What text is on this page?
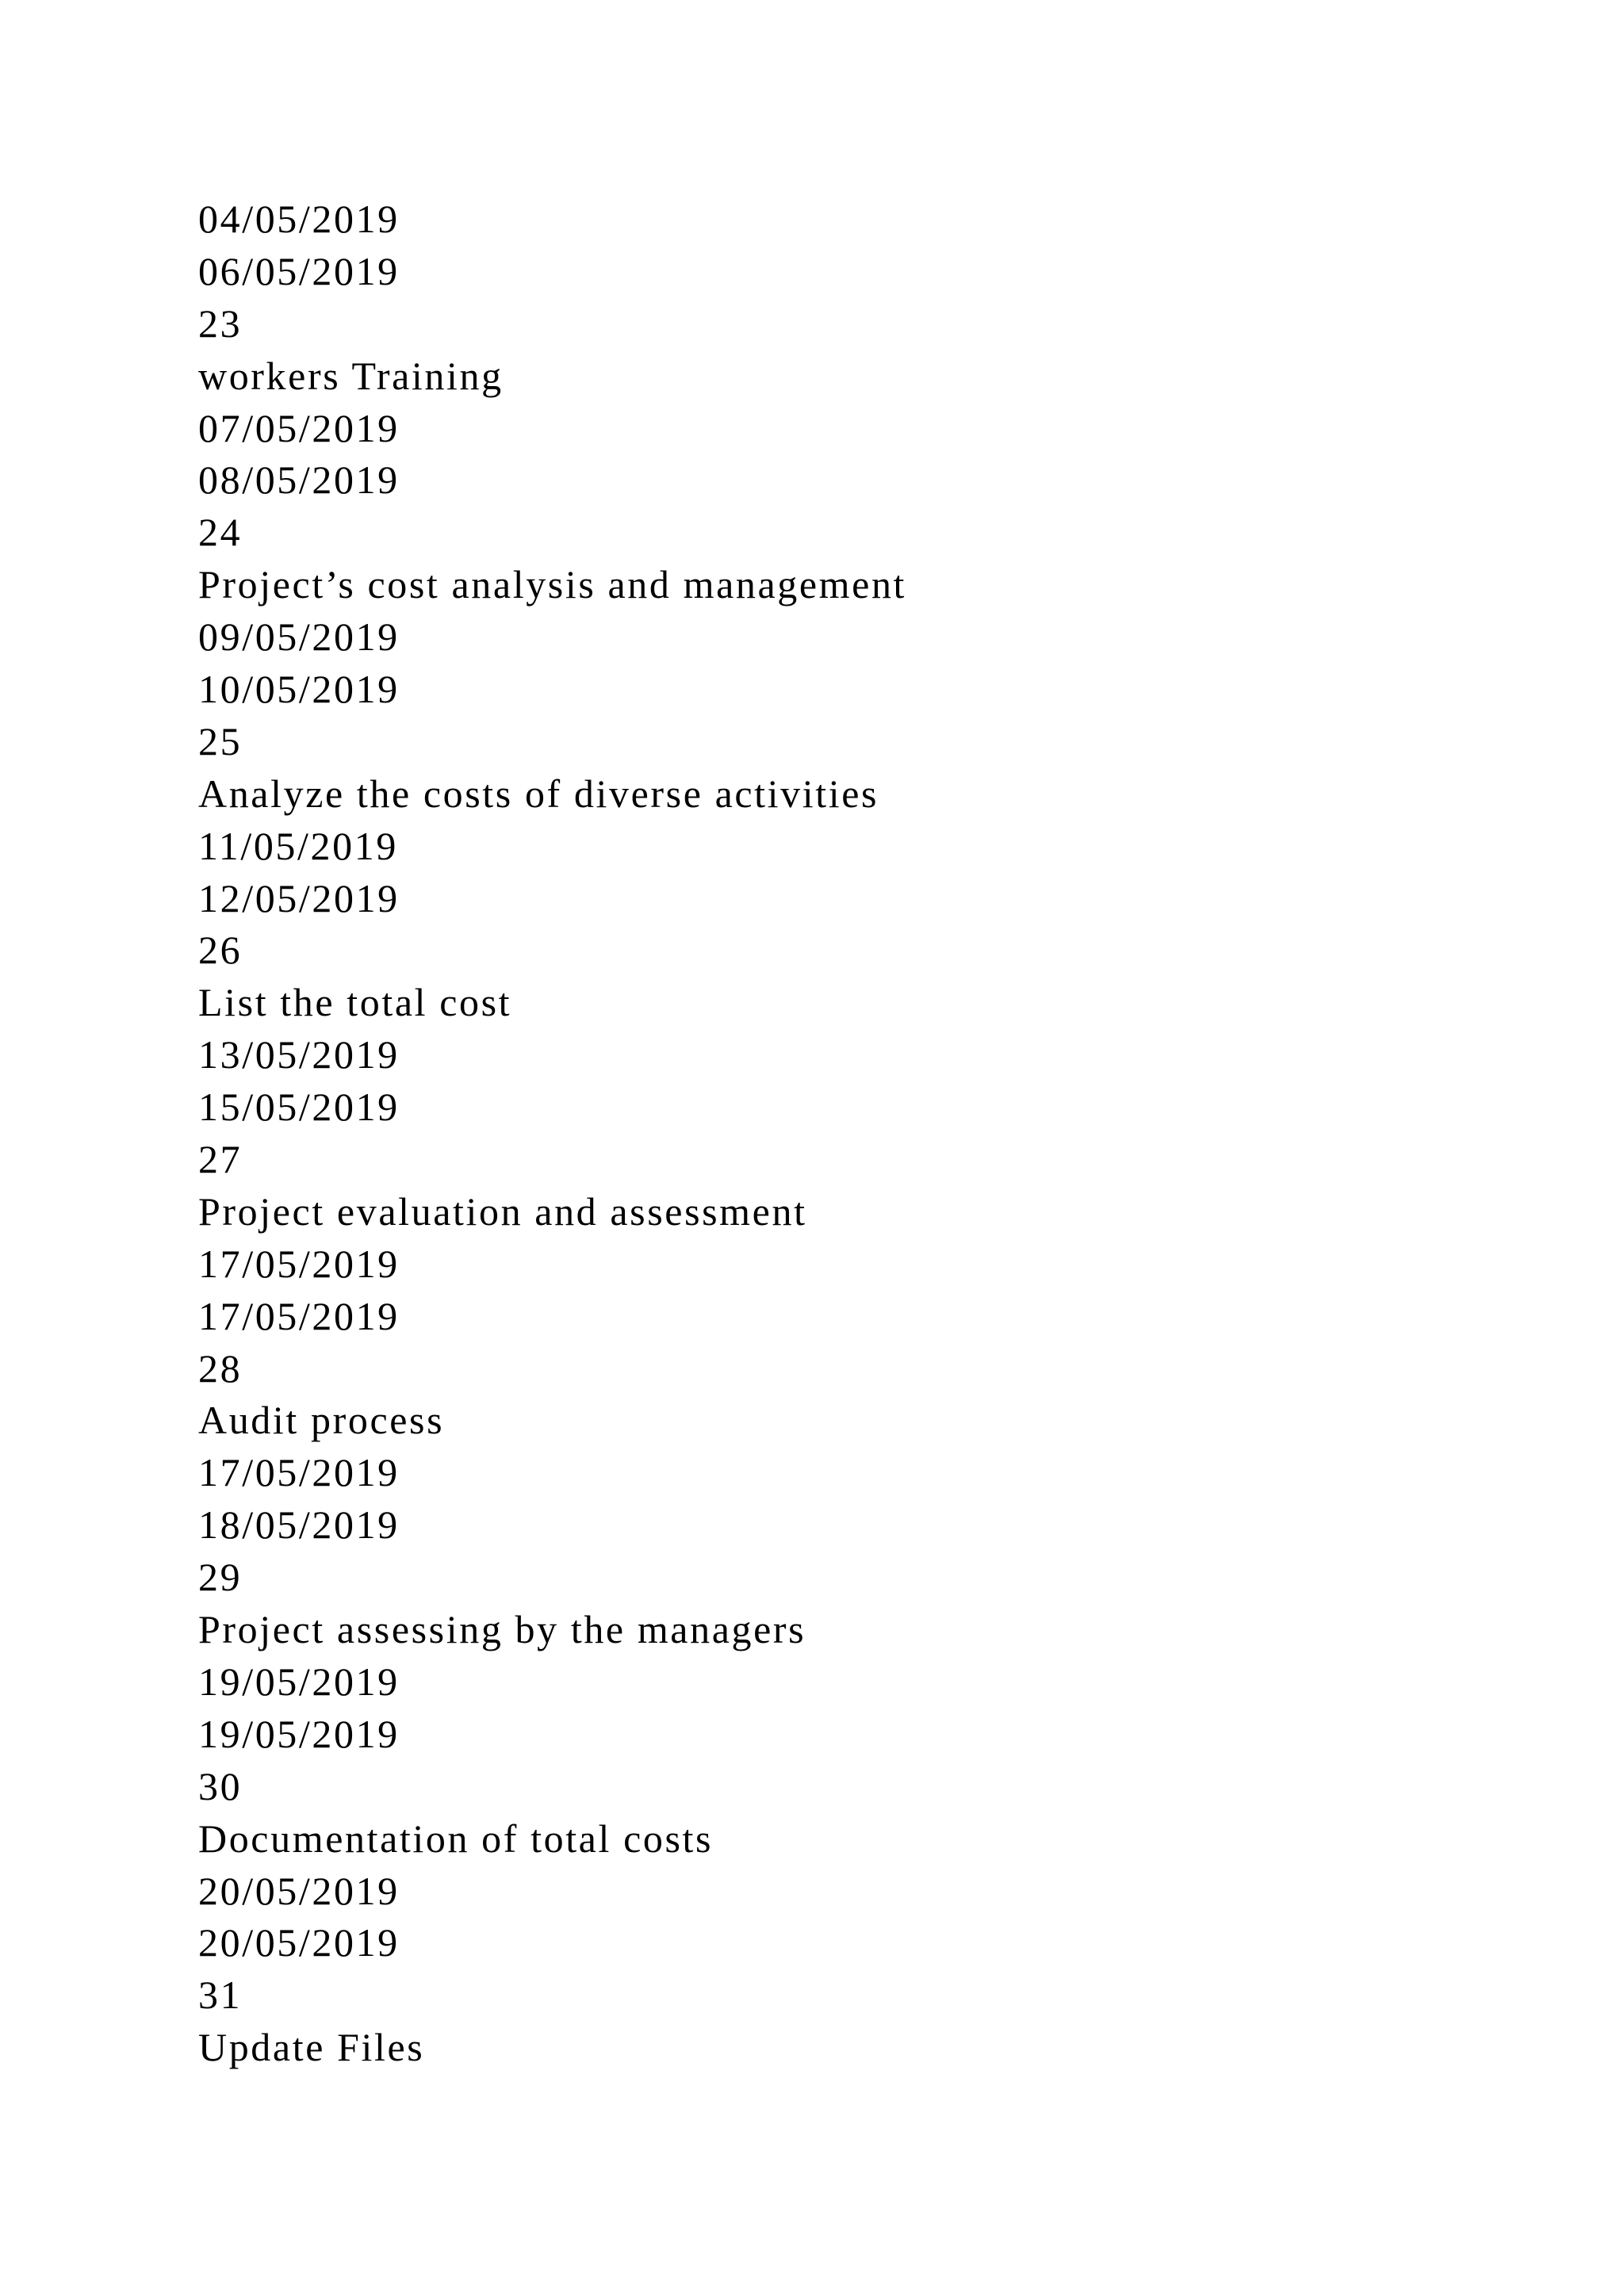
04/05/2019
06/05/2019
23
workers Training
07/05/2019
08/05/2019
24
Project’s cost analysis and management
09/05/2019
10/05/2019
25
Analyze the costs of diverse activities
11/05/2019
12/05/2019
26
List the total cost
13/05/2019
15/05/2019
27
Project evaluation and assessment
17/05/2019
17/05/2019
28
Audit process
17/05/2019
18/05/2019
29
Project assessing by the managers
19/05/2019
19/05/2019
30
Documentation of total costs
20/05/2019
20/05/2019
31
Update Files
